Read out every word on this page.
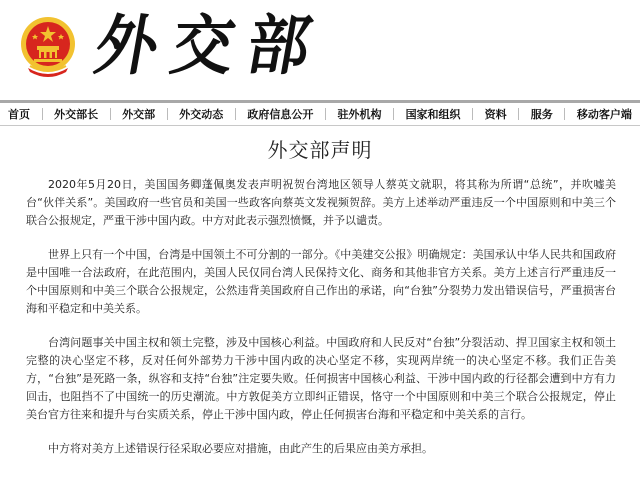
外交部
首页 外交部长 外交部 外交动态 政府信息公开 驻外机构 国家和组织 资料 服务 移动客户端
外交部声明

2020年5月20日，美国国务卿蓬佩奥发表声明祝贺台湾地区领导人蔡英文就职，将其称为所谓“总统”，并吹嘘美台“伙伴关系”。美国政府一些官员和美国一些政客向蔡英文发视频贺辞。美方上述举动严重违反一个中国原则和中美三个联合公报规定，严重干涉中国内政。中方对此表示强烈愤慨，并予以谴责。

世界上只有一个中国，台湾是中国领土不可分割的一部分。《中美建交公报》明确规定：美国承认中华人民共和国政府是中国唯一合法政府，在此范围内，美国人民仅同台湾人民保持文化、商务和其他非官方关系。美方上述言行严重违反一个中国原则和中美三个联合公报规定，公然违背美国政府自己作出的承诺，向“台独”分裂势力发出错误信号，严重损害台海和平稳定和中美关系。

台湾问题事关中国主权和领土完整，涉及中国核心利益。中国政府和人民反对“台独”分裂活动、捍卫国家主权和领土完整的决心坚定不移，反对任何外部势力干涉中国内政的决心坚定不移，实现两岸统一的决心坚定不移。我们正告美方，“台独”是死路一条，纵容和支持“台独”注定要失败。任何损害中国核心利益、干涉中国内政的行径都会遭到中方有力回击，也阻挡不了中国统一的历史潮流。中方敦促美方立即纠正错误，恪守一个中国原则和中美三个联合公报规定，停止美台官方往来和提升与台实质关系，停止干涉中国内政，停止任何损害台海和平稳定和中美关系的言行。

中方将对美方上述错误行径采取必要应对措施，由此产生的后果应由美方承担。
